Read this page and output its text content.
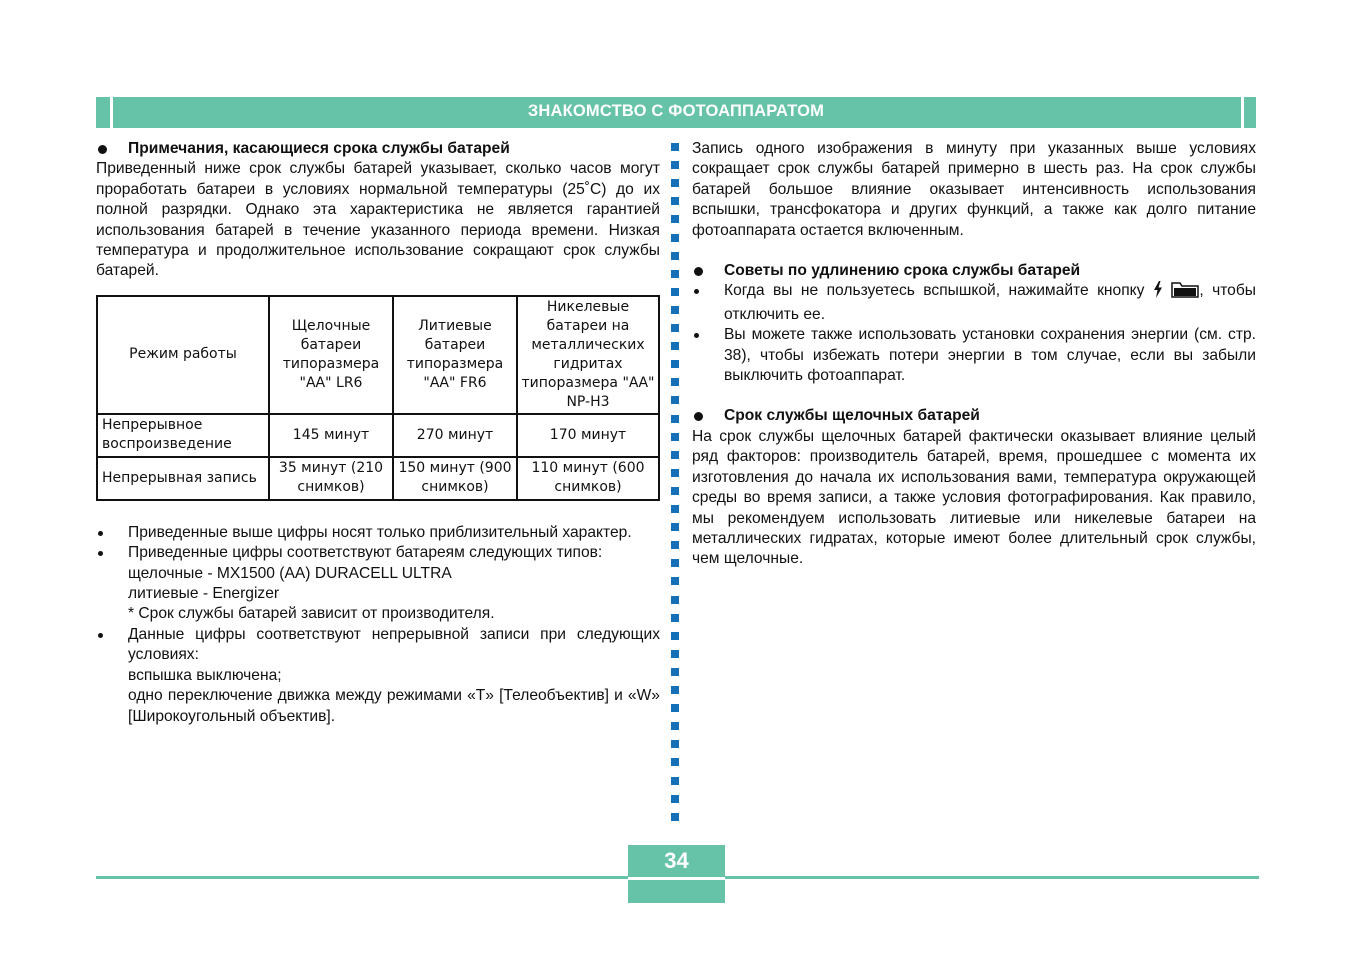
ЗНАКОМСТВО С ФОТОАППАРАТОМ
Примечания, касающиеся срока службы батарей

Приведенный ниже срок службы батарей указывает, сколько часов могут проработать батареи в условиях нормальной температуры (25˚С) до их полной разрядки. Однако эта характеристика не является гарантией использования батарей в течение указанного периода времени. Низкая температура и продолжительное использование сокращают срок службы батарей.

Режим работы	Щелочные батареи типоразмера "АА" LR6	Литиевые батареи типоразмера "АА" FR6	Никелевые батареи на металлических гидритах типоразмера "АА" NP-H3
Непрерывное воспроизведение	145 минут	270 минут	170 минут
Непрерывная запись	35 минут (210 снимков)	150 минут (900 снимков)	110 минут (600 снимков)

Приведенные выше цифры носят только приблизительный характер.

Приведенные цифры соответствуют батареям следующих типов:

щелочные - MX1500 (AA) DURACELL ULTRA
литиевые - Energizer
* Срок службы батарей зависит от производителя.

Данные цифры соответствуют непрерывной записи при следующих условиях:

вспышка выключена;

одно переключение движка между режимами «T» [Телеобъектив] и «W» [Широкоугольный объектив].

Запись одного изображения в минуту при указанных выше условиях сокращает срок службы батарей примерно в шесть раз. На срок службы батарей большое влияние оказывает интенсивность использования вспышки, трансфокатора и других функций, а также как долго питание фотоаппарата остается включенным.

Советы по удлинению срока службы батарей

Когда вы не пользуетесь вспышкой, нажимайте кнопку	, чтобы отключить ее.

Вы можете также использовать установки сохранения энергии (см. стр. 38), чтобы избежать потери энергии в том случае, если вы забыли выключить фотоаппарат.

Срок службы щелочных батарей

На срок службы щелочных батарей фактически оказывает влияние целый ряд факторов: производитель батарей, время, прошедшее с момента их изготовления до начала их использования вами, температура окружающей среды во время записи, а также условия фотографирования. Как правило, мы рекомендуем использовать литиевые или никелевые батареи на металлических гидратах, которые имеют более длительный срок службы, чем щелочные.

34
